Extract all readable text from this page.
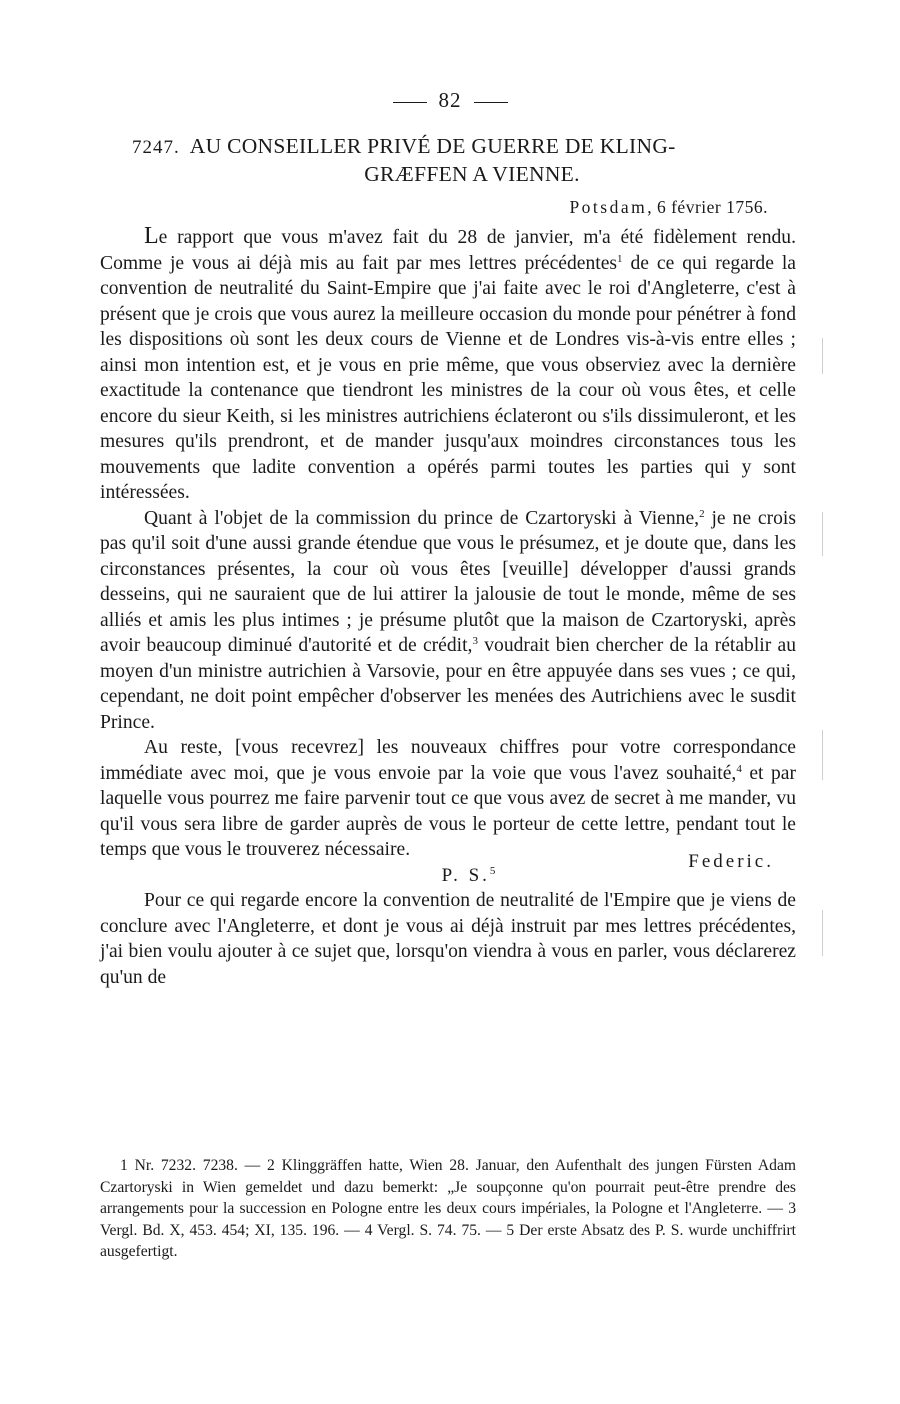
82
7247. AU CONSEILLER PRIVÉ DE GUERRE DE KLING-
GRÆFFEN A VIENNE.
Potsdam, 6 février 1756.

Le rapport que vous m'avez fait du 28 de janvier, m'a été fidèlement rendu. Comme je vous ai déjà mis au fait par mes lettres précédentes$^1$ de ce qui regarde la convention de neutralité du Saint-Empire que j'ai faite avec le roi d'Angleterre, c'est à présent que je crois que vous aurez la meilleure occasion du monde pour pénétrer à fond les dispositions où sont les deux cours de Vienne et de Londres vis-à-vis entre elles ; ainsi mon intention est, et je vous en prie même, que vous observiez avec la dernière exactitude la contenance que tiendront les ministres de la cour où vous êtes, et celle encore du sieur Keith, si les ministres autrichiens éclateront ou s'ils dissimuleront, et les mesures qu'ils prendront, et de mander jusqu'aux moindres circonstances tous les mouvements que ladite convention a opérés parmi toutes les parties qui y sont intéressées.

Quant à l'objet de la commission du prince de Czartoryski à Vienne,$^2$ je ne crois pas qu'il soit d'une aussi grande étendue que vous le présumez, et je doute que, dans les circonstances présentes, la cour où vous êtes [veuille] développer d'aussi grands desseins, qui ne sauraient que de lui attirer la jalousie de tout le monde, même de ses alliés et amis les plus intimes ; je présume plutôt que la maison de Czartoryski, après avoir beaucoup diminué d'autorité et de crédit,$^3$ voudrait bien chercher de la rétablir au moyen d'un ministre autrichien à Varsovie, pour en être appuyée dans ses vues ; ce qui, cependant, ne doit point empêcher d'observer les menées des Autrichiens avec le susdit Prince.

Au reste, [vous recevrez] les nouveaux chiffres pour votre correspondance immédiate avec moi, que je vous envoie par la voie que vous l'avez souhaité,$^4$ et par laquelle vous pourrez me faire parvenir tout ce que vous avez de secret à me mander, vu qu'il vous sera libre de garder auprès de vous le porteur de cette lettre, pendant tout le temps que vous le trouverez nécessaire.

Federic.

P. S.$^5$

Pour ce qui regarde encore la convention de neutralité de l'Empire que je viens de conclure avec l'Angleterre, et dont je vous ai déjà instruit par mes lettres précédentes, j'ai bien voulu ajouter à ce sujet que, lorsqu'on viendra à vous en parler, vous déclarerez qu'un de

1 Nr. 7232. 7238. — 2 Klinggräffen hatte, Wien 28. Januar, den Aufenthalt des jungen Fürsten Adam Czartoryski in Wien gemeldet und dazu bemerkt: „Je soupçonne qu'on pourrait peut-être prendre des arrangements pour la succession en Pologne entre les deux cours impériales, la Pologne et l'Angleterre. — 3 Vergl. Bd. X, 453. 454; XI, 135. 196. — 4 Vergl. S. 74. 75. — 5 Der erste Absatz des P. S. wurde unchiffrirt ausgefertigt.
